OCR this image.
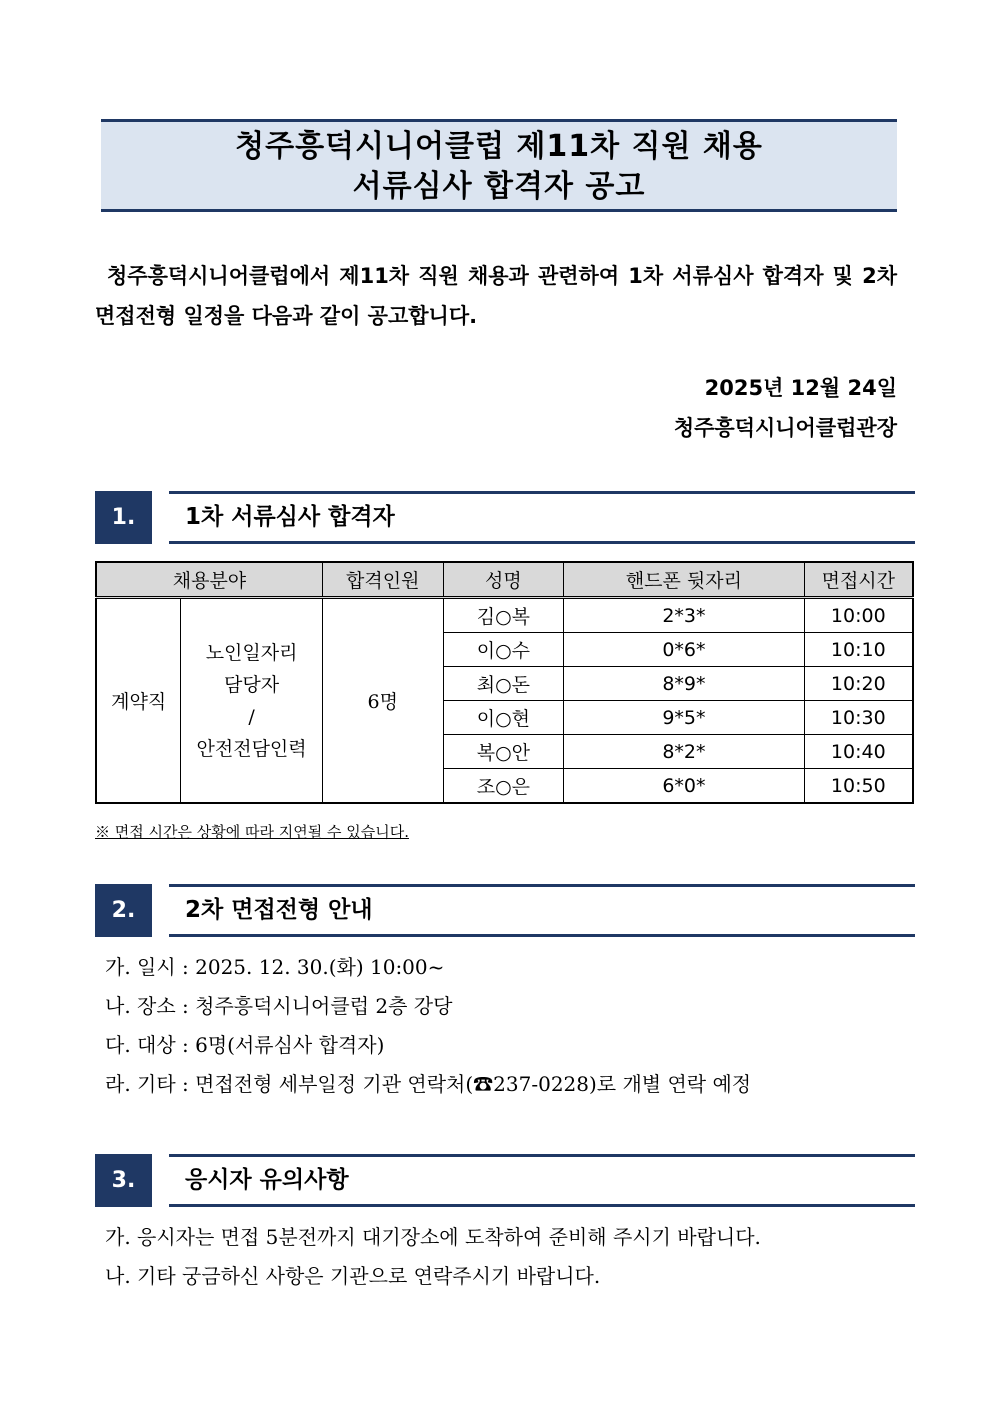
청주흥덕시니어클럽 제11차 직원 채용
서류심사 합격자 공고
청주흥덕시니어클럽에서 제11차 직원 채용과 관련하여 1차 서류심사 합격자 및 2차 면접전형 일정을 다음과 같이 공고합니다.
2025년 12월 24일
청주흥덕시니어클럽관장
1.	1차 서류심사 합격자
채용분야		합격인원	성명	핸드폰 뒷자리	면접시간
계약직	노인일자리
담당자
/
안전전담인력	6명	김○복	2*3*	10:00
			이○수	0*6*	10:10
			최○돈	8*9*	10:20
			이○현	9*5*	10:30
			복○안	8*2*	10:40
			조○은	6*0*	10:50
※ 면접 시간은 상황에 따라 지연될 수 있습니다.
2.	2차 면접전형 안내
가. 일시 : 2025. 12. 30.(화) 10:00~
나. 장소 : 청주흥덕시니어클럽 2층 강당
다. 대상 : 6명(서류심사 합격자)
라. 기타 : 면접전형 세부일정 기관 연락처(☎237-0228)로 개별 연락 예정
3.	응시자 유의사항
가. 응시자는 면접 5분전까지 대기장소에 도착하여 준비해 주시기 바랍니다.
나. 기타 궁금하신 사항은 기관으로 연락주시기 바랍니다.
